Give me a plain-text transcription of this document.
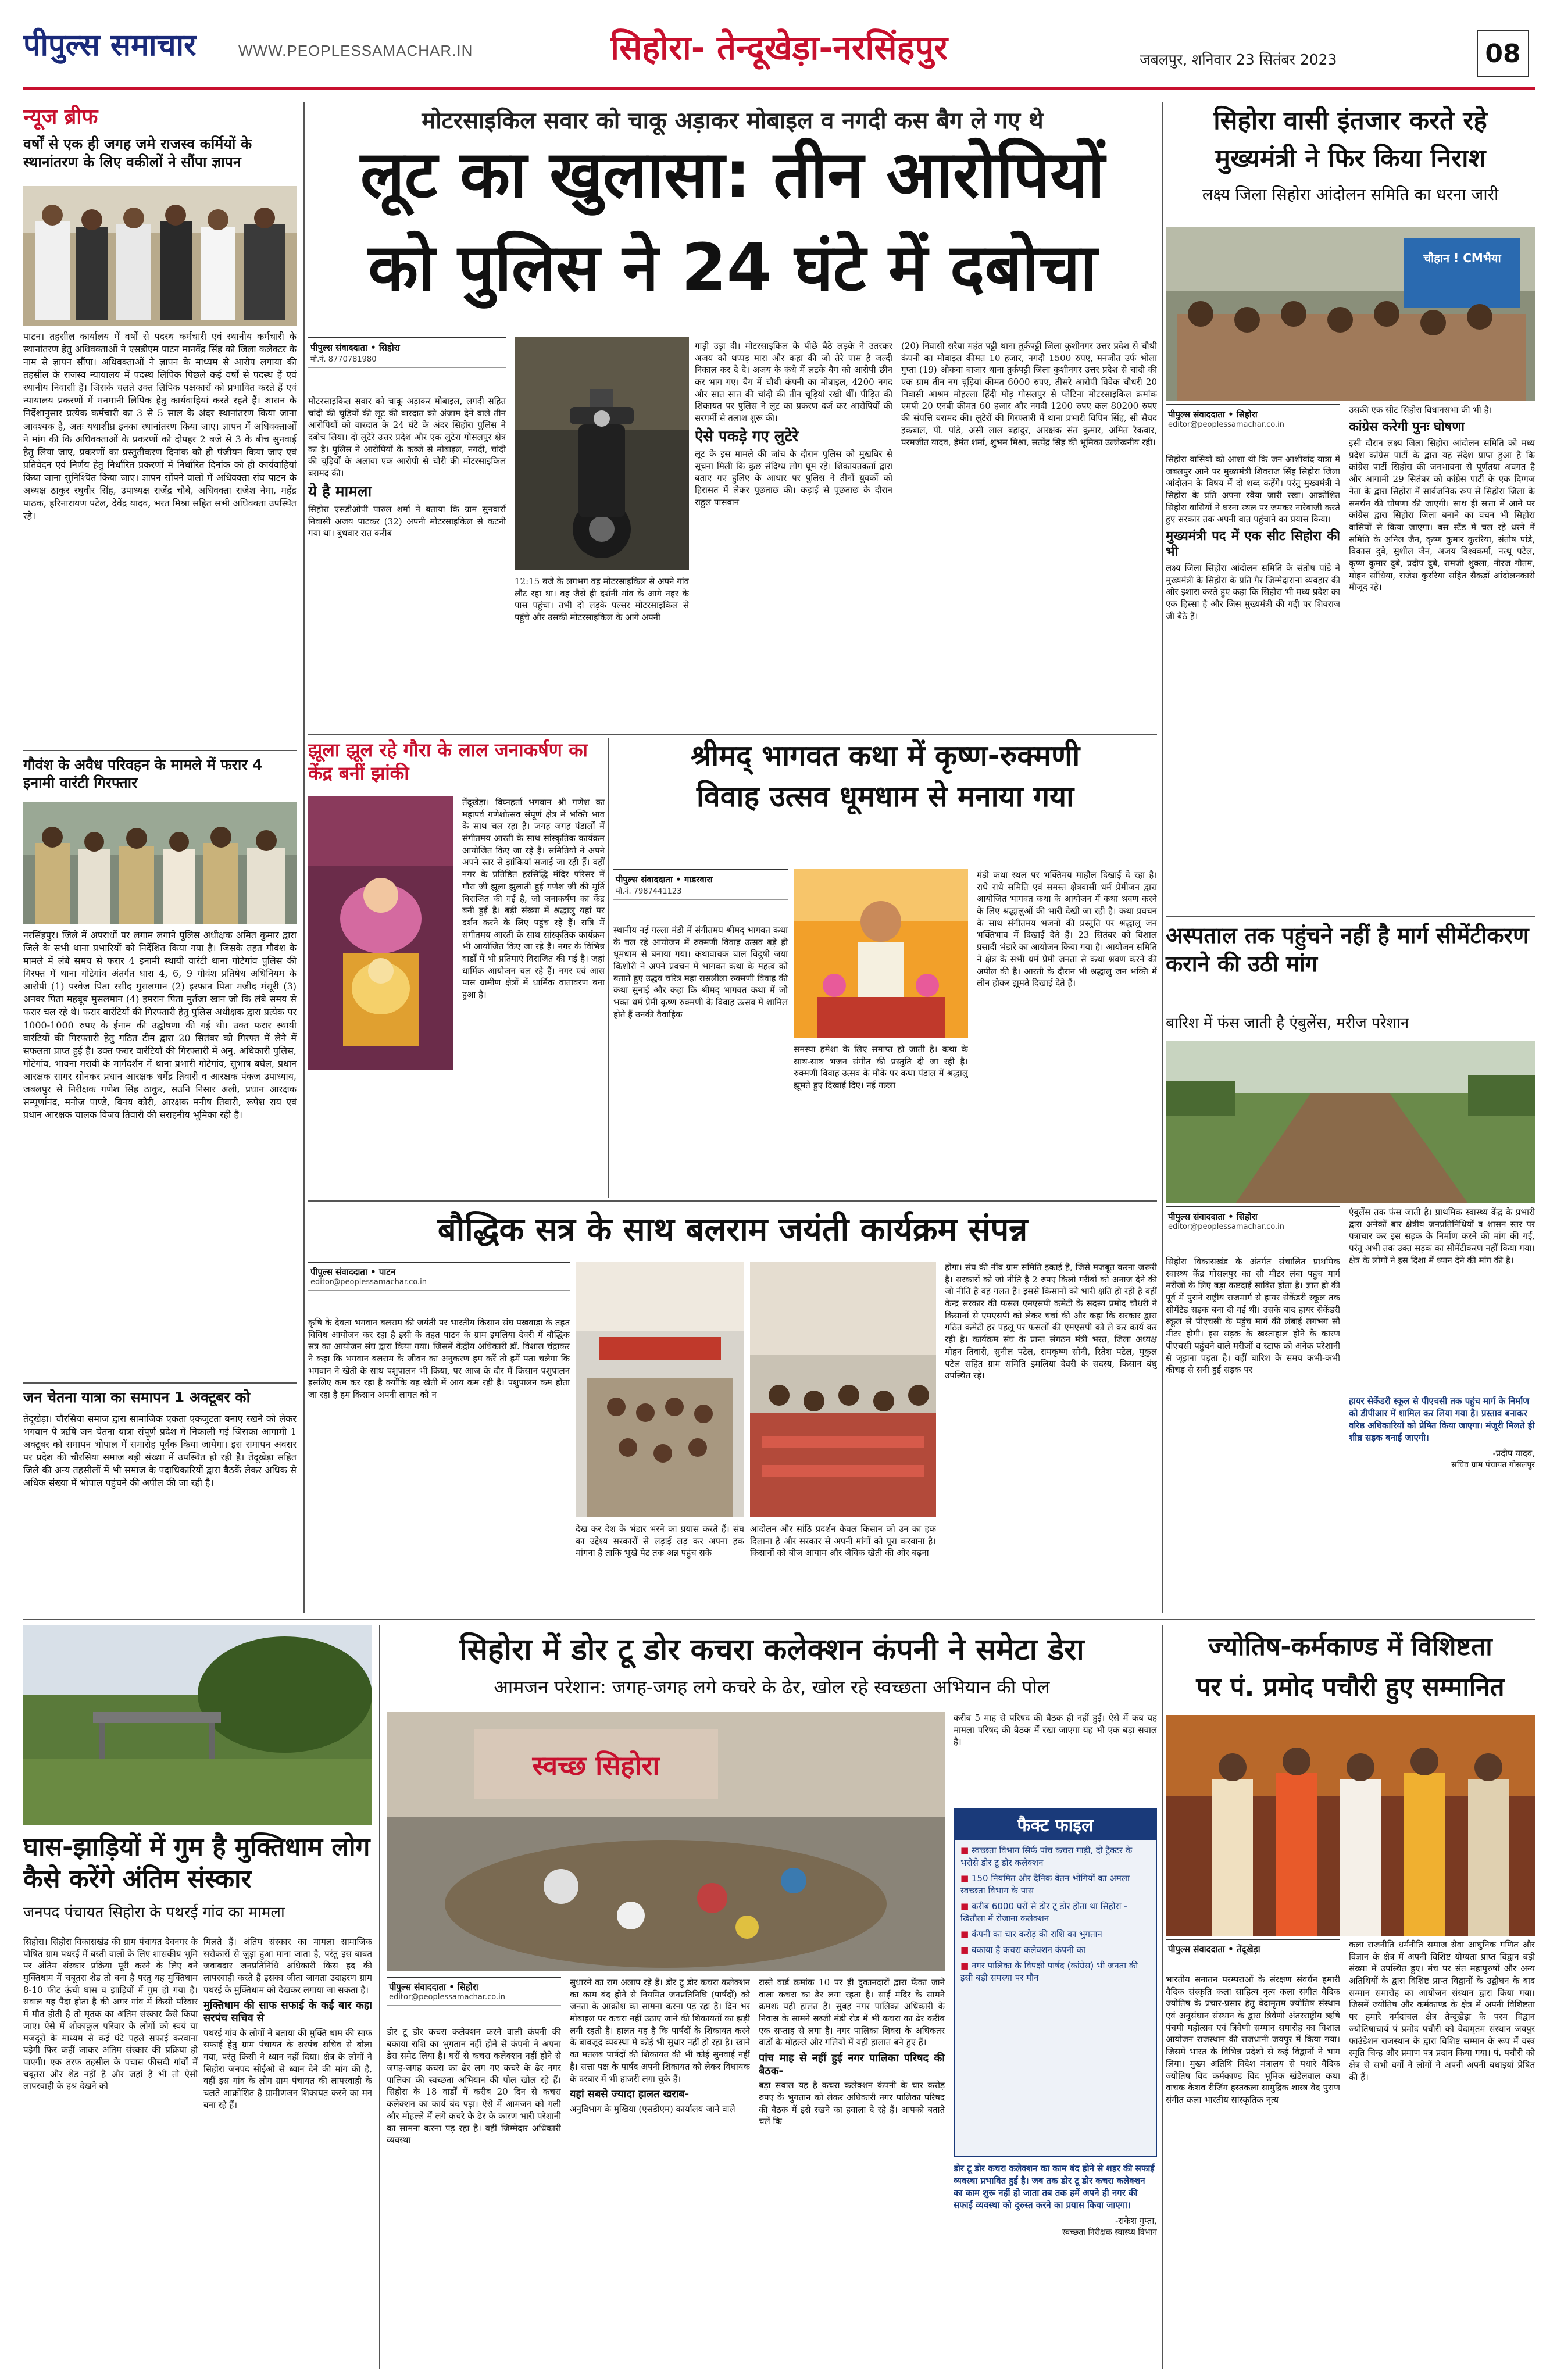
पीपुल्स समाचार	WWW.PEOPLESSAMACHAR.IN	सिहोरा- तेन्दूखेड़ा-नरसिंहपुर	जबलपुर, शनिवार 23 सितंबर 2023	08
न्यूज ब्रीफ
वर्षों से एक ही जगह जमे राजस्व कर्मियों के स्थानांतरण के लिए वकीलों ने सौंपा ज्ञापन
पाटन। तहसील कार्यालय में वर्षों से पदस्थ कर्मचारी एवं स्थानीय कर्मचारी के स्थानांतरण हेतु अधिवक्ताओं ने एसडीएम पाटन मानवेंद्र सिंह को जिला कलेक्टर के नाम से ज्ञापन सौंपा। अधिवक्ताओं ने ज्ञापन के माध्यम से आरोप लगाया की तहसील के राजस्व न्यायालय में पदस्थ लिपिक पिछले कई वर्षों से पदस्थ हैं एवं स्थानीय निवासी हैं। जिसके चलते उक्त लिपिक पक्षकारों को प्रभावित करते हैं एवं न्यायालय प्रकरणों में मनमानी लिपिक हेतु कार्यवाहियां करते रहते हैं। शासन के निर्देशानुसार प्रत्येक कर्मचारी का 3 से 5 साल के अंदर स्थानांतरण किया जाना आवश्यक है, अतः यथाशीघ्र इनका स्थानांतरण किया जाए। ज्ञापन में अधिवक्ताओं ने मांग की कि अधिवक्ताओं के प्रकरणों को दोपहर 2 बजे से 3 के बीच सुनवाई हेतु लिया जाए, प्रकरणों का प्रस्तुतीकरण दिनांक को ही पंजीयन किया जाए एवं प्रतिवेदन एवं निर्णय हेतु निर्धारित प्रकरणों में निर्धारित दिनांक को ही कार्यवाहियां किया जाना सुनिश्चित किया जाए। ज्ञापन सौंपने वालों में अधिवक्ता संघ पाटन के अध्यक्ष ठाकुर रघुवीर सिंह, उपाध्यक्ष राजेंद्र चौबे, अधिवक्ता राजेश नेमा, महेंद्र पाठक, हरिनारायण पटेल, देवेंद्र यादव, भरत मिश्रा सहित सभी अधिवक्ता उपस्थित रहे।
गौवंश के अवैध परिवहन के मामले में फरार 4 इनामी वारंटी गिरफ्तार
नरसिंहपुर। जिले में अपराधों पर लगाम लगाने पुलिस अधीक्षक अमित कुमार द्वारा जिले के सभी थाना प्रभारियों को निर्देशित किया गया है। जिसके तहत गौवंश के मामले में लंबे समय से फरार 4 इनामी स्थायी वारंटी थाना गोटेगांव पुलिस की गिरफ्त में थाना गोटेगांव अंतर्गत धारा 4, 6, 9 गौवंश प्रतिषेध अधिनियम के आरोपी (1) परवेज पिता रसीद मुसलमान (2) इरफान पिता मजीद मंसूरी (3) अनवर पिता महबूब मुसलमान (4) इमरान पिता मुर्तजा खान जो कि लंबे समय से फरार चल रहे थे। फरार वारंटियों की गिरफ्तारी हेतु पुलिस अधीक्षक द्वारा प्रत्येक पर 1000-1000 रुपए के ईनाम की उद्घोषणा की गई थी। उक्त फरार स्थायी वारंटियों की गिरफ्तारी हेतु गठित टीम द्वारा 20 सितंबर को गिरफ्त में लेने में सफलता प्राप्त हुई है। उक्त फरार वारंटियों की गिरफ्तारी में अनु. अधिकारी पुलिस, गोटेगांव, भावना मरावी के मार्गदर्शन में थाना प्रभारी गोटेगांव, सुभाष बघेल, प्रधान आरक्षक सागर सोनकर प्रधान आरक्षक धर्मेंद्र तिवारी व आरक्षक पंकज उपाध्याय, जबलपुर से निरीक्षक गणेश सिंह ठाकुर, सउनि निसार अली, प्रधान आरक्षक सम्पूर्णानंद, मनोज पाण्डे, विनय कोरी, आरक्षक मनीष तिवारी, रूपेश राय एवं प्रधान आरक्षक चालक विजय तिवारी की सराहनीय भूमिका रही है।
जन चेतना यात्रा का समापन 1 अक्टूबर को
तेंदूखेड़ा। चौरसिया समाज द्वारा सामाजिक एकता एकजुटता बनाए रखने को लेकर भगवान पै ऋषि जन चेतना यात्रा संपूर्ण प्रदेश में निकाली गई जिसका आगामी 1 अक्टूबर को समापन भोपाल में समारोह पूर्वक किया जायेगा। इस समापन अवसर पर प्रदेश की चौरसिया समाज बड़ी संख्या में उपस्थित हो रही है। तेंदूखेड़ा सहित जिले की अन्य तहसीलों में भी समाज के पदाधिकारियों द्वारा बैठकें लेकर अधिक से अधिक संख्या में भोपाल पहुंचने की अपील की जा रही है।
मोटरसाइकिल सवार को चाकू अड़ाकर मोबाइल व नगदी कस बैग ले गए थे
लूट का खुलासा: तीन आरोपियों
को पुलिस ने 24 घंटे में दबोचा
पीपुल्स संवाददाता • सिहोरा
मो.नं. 8770781980

मोटरसाइकिल सवार को चाकू अड़ाकर मोबाइल, लगदी सहित चांदी की चूड़ियों की लूट की वारदात को अंजाम देने वाले तीन आरोपियों को वारदात के 24 घंटे के अंदर सिहोरा पुलिस ने दबोच लिया। दो लुटेरे उत्तर प्रदेश और एक लुटेरा गोसलपुर क्षेत्र का है। पुलिस ने आरोपियों के कब्जे से मोबाइल, नगदी, चांदी की चूड़ियों के अलावा एक आरोपी से चोरी की मोटरसाइकिल बरामद की।

ये है मामला

सिहोरा एसडीओपी पारुल शर्मा ने बताया कि ग्राम सुनवार्रा निवासी अजय पाटकर (32) अपनी मोटरसाइकिल से कटनी गया था। बुधवार रात करीब

12:15 बजे के लगभग वह मोटरसाइकिल से अपने गांव लौट रहा था। वह जैसे ही दर्शनी गांव के आगे नहर के पास पहुंचा। तभी दो लड़के पल्सर मोटरसाइकिल से पहुंचे और उसकी मोटरसाइकिल के आगे अपनी

गाड़ी उड़ा दी। मोटरसाइकिल के पीछे बैठे लड़के ने उतरकर अजय को थप्पड़ मारा और कहा की जो तेरे पास है जल्दी निकाल कर दे दे। अजय के कंधे में लटके बैग को आरोपी छीन कर भाग गए। बैग में चौथी कंपनी का मोबाइल, 4200 नगद और सात सात की चांदी की तीन चूड़ियां रखी थीं। पीड़ित की शिकायत पर पुलिस ने लूट का प्रकरण दर्ज कर आरोपियों की सरगर्मी से तलाश शुरू की।

ऐसे पकड़े गए लुटेरे

लूट के इस मामले की जांच के दौरान पुलिस को मुखबिर से सूचना मिली कि कुछ संदिग्ध लोग घूम रहे। शिकायतकर्ता द्वारा बताए गए हुलिए के आधार पर पुलिस ने तीनों युवकों को हिरासत में लेकर पूछताछ की। कड़ाई से पूछताछ के दौरान राहुल पासवान

(20) निवासी सरैया महंत पट्टी थाना तुर्कपट्टी जिला कुशीनगर उत्तर प्रदेश से चौथी कंपनी का मोबाइल कीमत 10 हजार, नगदी 1500 रुपए, मनजीत उर्फ भोला गुप्ता (19) ओकवा बाजार थाना तुर्कपट्टी जिला कुशीनगर उत्तर प्रदेश से चांदी की एक ग्राम तीन नग चूड़ियां कीमत 6000 रुपए, तीसरे आरोपी विवेक चौधरी 20 निवासी आश्रम मोहल्ला हिंदी मोड़ गोसलपुर से प्लेटिना मोटरसाइकिल क्रमांक एमपी 20 एनबी कीमत 60 हजार और नगदी 1200 रुपए कल 80200 रुपए की संपत्ति बरामद की। लुटेरों की गिरफ्तारी में थाना प्रभारी विपिन सिंह, सी सैयद इकबाल, पी. पांडे, असी लाल बहादुर, आरक्षक संत कुमार, अमित रैकवार, परमजीत यादव, हेमंत शर्मा, शुभम मिश्रा, सत्येंद्र सिंह की भूमिका उल्लेखनीय रही।
झूला झूल रहे गौरा के लाल जनाकर्षण का केंद्र बनीं झांकी
तेंदूखेड़ा। विघ्नहर्ता भगवान श्री गणेश का महापर्व गणेशोत्सव संपूर्ण क्षेत्र में भक्ति भाव के साथ चल रहा है। जगह जगह पंडालों में संगीतमय आरती के साथ सांस्कृतिक कार्यक्रम आयोजित किए जा रहे हैं। समितियों ने अपने अपने स्तर से झांकियां सजाई जा रही हैं। वहीं नगर के प्रतिष्ठित हरसिद्धि मंदिर परिसर में गौरा जी झूला झुलाती हुई गणेश जी की मूर्ति बिराजित की गई है, जो जनाकर्षण का केंद्र बनी हुई है। बड़ी संख्या में श्रद्धालु यहां पर दर्शन करने के लिए पहुंच रहे हैं। रात्रि में संगीतमय आरती के साथ सांस्कृतिक कार्यक्रम भी आयोजित किए जा रहे हैं। नगर के विभिन्न वार्डों में भी प्रतिमाएं विराजित की गई है। जहां धार्मिक आयोजन चल रहे हैं। नगर एवं आस पास ग्रामीण क्षेत्रों में धार्मिक वातावरण बना हुआ है।
श्रीमद् भागवत कथा में कृष्ण-रुक्मणी
विवाह उत्सव धूमधाम से मनाया गया
पीपुल्स संवाददाता • गाडरवारा
मो.नं. 7987441123
स्थानीय नई गल्ला मंडी में संगीतमय श्रीमद् भागवत कथा के चल रहे आयोजन में रुक्मणी विवाह उत्सव बड़े ही धूमधाम से बनाया गया। कथावाचक बाल विदुषी जया किशोरी ने अपने प्रवचन में भागवत कथा के महत्व को बताते हुए उद्धव चरित्र महा रासलीला रुक्मणी विवाह की कथा सुनाई और कहा कि श्रीमद् भागवत कथा में जो भक्त धर्म प्रेमी कृष्ण रुक्मणी के विवाह उत्सव में शामिल होते हैं उनकी वैवाहिक
समस्या हमेशा के लिए समाप्त हो जाती है। कथा के साथ-साथ भजन संगीत की प्रस्तुति दी जा रही है। रुक्मणी विवाह उत्सव के मौके पर कथा पंडाल में श्रद्धालु झूमते हुए दिखाई दिए। नई गल्ला
मंडी कथा स्थल पर भक्तिमय माहौल दिखाई दे रहा है। राधे राधे समिति एवं समस्त क्षेत्रवासी धर्म प्रेमीजन द्वारा आयोजित भागवत कथा के आयोजन में कथा श्रवण करने के लिए श्रद्धालुओं की भारी देखी जा रही है। कथा प्रवचन के साथ संगीतमय भजनों की प्रस्तुति पर श्रद्धालु जन भक्तिभाव में दिखाई देते हैं। 23 सितंबर को विशाल प्रसादी भंडारे का आयोजन किया गया है। आयोजन समिति ने क्षेत्र के सभी धर्म प्रेमी जनता से कथा श्रवण करने की अपील की है। आरती के दौरान भी श्रद्धालु जन भक्ति में लीन होकर झूमते दिखाई देते हैं।
बौद्धिक सत्र के साथ बलराम जयंती कार्यक्रम संपन्न
पीपुल्स संवाददाता • पाटन
editor@peoplessamachar.co.in
कृषि के देवता भगवान बलराम की जयंती पर भारतीय किसान संघ पखवाड़ा के तहत विविध आयोजन कर रहा है इसी के तहत पाटन के ग्राम इमलिया देवरी में बौद्धिक सत्र का आयोजन संघ द्वारा किया गया। जिसमें केंद्रीय अधिकारी डॉ. विशाल चंद्राकर ने कहा कि भगवान बलराम के जीवन का अनुकरण हम करें तो हमें पता चलेगा कि भगवान ने खेती के साथ पशुपालन भी किया, पर आज के दौर में किसान पशुपालन इसलिए कम कर रहा है क्योंकि वह खेती में आय कम रही है। पशुपालन कम होता जा रहा है हम किसान अपनी लागत को न
देख कर देश के भंडार भरने का प्रयास करते हैं। संघ का उद्देश्य सरकारों से लड़ाई लड़ कर अपना हक मांगना है ताकि भूखे पेट तक अन्न पहुंच सके
आंदोलन और सांठि प्रदर्शन केवल किसान को उन का हक दिलाना है और सरकार से अपनी मांगों को पूरा करवाना है। किसानों को बीज आयाम और जैविक खेती की ओर बढ़ना
होगा। संघ की नींव ग्राम समिति इकाई है, जिसे मजबूत करना जरूरी है। सरकारों को जो नीति है 2 रुपए किलो गरीबों को अनाज देने की जो नीति है वह गलत है। इससे किसानों को भारी क्षति हो रही है वहीं केन्द्र सरकार की फसल एमएसपी कमेटी के सदस्य प्रमोद चौधरी ने किसानों से एमएसपी को लेकर चर्चा की और कहा कि सरकार द्वारा गठित कमेटी हर पहलू पर फसलों की एमएसपी को ले कर कार्य कर रही है। कार्यक्रम संघ के प्रान्त संगठन मंत्री भरत, जिला अध्यक्ष मोहन तिवारी, सुनील पटेल, रामकृष्ण सोनी, रितेश पटेल, मुकुल पटेल सहित ग्राम समिति इमलिया देवरी के सदस्य, किसान बंधु उपस्थित रहे।
सिहोरा वासी इंतजार करते रहे
मुख्यमंत्री ने फिर किया निराश
लक्ष्य जिला सिहोरा आंदोलन समिति का धरना जारी
चौहान ! CMभैया
पीपुल्स संवाददाता • सिहोरा
editor@peoplessamachar.co.in

सिहोरा वासियों को आशा थी कि जन आशीर्वाद यात्रा में जबलपुर आने पर मुख्यमंत्री शिवराज सिंह सिहोरा जिला आंदोलन के विषय में दो शब्द कहेंगे। परंतु मुख्यमंत्री ने सिहोरा के प्रति अपना रवैया जारी रखा। आक्रोशित सिहोरा वासियों ने धरना स्थल पर जमकर नारेबाजी करते हुए सरकार तक अपनी बात पहुंचाने का प्रयास किया।

मुख्यमंत्री पद में एक सीट सिहोरा की भी

लक्ष्य जिला सिहोरा आंदोलन समिति के संतोष पांडे ने मुख्यमंत्री के सिहोरा के प्रति गैर जिम्मेदाराना व्यवहार की ओर इशारा करते हुए कहा कि सिहोरा भी मध्य प्रदेश का एक हिस्सा है और जिस मुख्यमंत्री की गद्दी पर शिवराज जी बैठे हैं।

उसकी एक सीट सिहोरा विधानसभा की भी है।

कांग्रेस करेगी पुनः घोषणा

इसी दौरान लक्ष्य जिला सिहोरा आंदोलन समिति को मध्य प्रदेश कांग्रेस पार्टी के द्वारा यह संदेश प्राप्त हुआ है कि कांग्रेस पार्टी सिहोरा की जनभावना से पूर्णतया अवगत है और आगामी 29 सितंबर को कांग्रेस पार्टी के एक दिग्गज नेता के द्वारा सिहोरा में सार्वजनिक रूप से सिहोरा जिला के समर्थन की घोषणा की जाएगी। साथ ही सत्ता में आने पर कांग्रेस द्वारा सिहोरा जिला बनाने का वचन भी सिहोरा वासियों से किया जाएगा। बस स्टैंड में चल रहे धरने में समिति के अनिल जैन, कृष्ण कुमार कुररिया, संतोष पांडे, विकास दुबे, सुशील जैन, अजय विश्वकर्मा, नत्थू पटेल, कृष्ण कुमार दुबे, प्रदीप दुबे, रामजी शुक्ला, नीरज गौतम, मोहन सोंधिया, राजेश कुररिया सहित सैकड़ों आंदोलनकारी मौजूद रहे।

अस्पताल तक पहुंचने नहीं है मार्ग सीमेंटीकरण कराने की उठी मांग
बारिश में फंस जाती है एंबुलेंस, मरीज परेशान
पीपुल्स संवाददाता • सिहोरा
editor@peoplessamachar.co.in
सिहोरा विकासखंड के अंतर्गत संचालित प्राथमिक स्वास्थ्य केंद्र गोसलपुर का सौ मीटर लंबा पहुंच मार्ग मरीजों के लिए बड़ा कष्टदाई साबित होता है। ज्ञात हो की पूर्व में पुराने राष्ट्रीय राजमार्ग से हायर सेकेंडरी स्कूल तक सीमेंटेड सड़क बना दी गई थी। उसके बाद हायर सेकेंडरी स्कूल से पीएचसी के पहुंच मार्ग की लंबाई लगभग सौ मीटर होगी। इस सड़क के खस्ताहाल होने के कारण पीएचसी पहुंचने वाले मरीजों व स्टाफ को अनेक परेशानी से जूझना पड़ता है। वहीं बारिश के समय कभी-कभी कीचड़ से सनी हुई सड़क पर
एंबुलेंस तक फंस जाती है। प्राथमिक स्वास्थ्य केंद्र के प्रभारी द्वारा अनेकों बार क्षेत्रीय जनप्रतिनिधियों व शासन स्तर पर पत्राचार कर इस सड़क के निर्माण करने की मांग की गई, परंतु अभी तक उक्त सड़क का सीमेंटीकरण नहीं किया गया। क्षेत्र के लोगों ने इस दिशा में ध्यान देने की मांग की है।
हायर सेकेंडरी स्कूल से पीएचसी तक पहुंच मार्ग के निर्माण को डीपीआर में शामिल कर लिया गया है। प्रस्ताव बनाकर वरिष्ठ अधिकारियों को प्रेषित किया जाएगा। मंजूरी मिलते ही शीघ्र सड़क बनाई जाएगी।
-प्रदीप यादव,
सचिव ग्राम पंचायत गोसलपुर
घास-झाड़ियों में गुम है मुक्तिधाम लोग कैसे करेंगे अंतिम संस्कार
जनपद पंचायत सिहोरा के पथरई गांव का मामला
सिहोरा। सिहोरा विकासखंड की ग्राम पंचायत देवनगर के पोषित ग्राम पथरई में बस्ती वालों के लिए शासकीय भूमि पर अंतिम संस्कार प्रक्रिया पूरी करने के लिए बने मुक्तिधाम में चबूतरा शेड तो बना है परंतु यह मुक्तिधाम 8-10 फीट ऊंची घास व झाड़ियों में गुम हो गया है। सवाल यह पैदा होता है की अगर गांव में किसी परिवार में मौत होती है तो मृतक का अंतिम संस्कार कैसे किया जाए। ऐसे में शोकाकुल परिवार के लोगों को स्वयं या मजदूरों के माध्यम से कई घंटे पहले सफाई करवाना पड़ेगी फिर कहीं जाकर अंतिम संस्कार की प्रक्रिया हो पाएगी। एक तरफ तहसील के पचास फीसदी गांवों में चबूतरा और शेड नहीं है और जहां है भी तो ऐसी लापरवाही के हश्र देखने को

मिलते हैं। अंतिम संस्कार का मामला सामाजिक सरोकारों से जुड़ा हुआ माना जाता है, परंतु इस बाबत जवाबदार जनप्रतिनिधि अधिकारी किस हद की लापरवाही करते हैं इसका जीता जागता उदाहरण ग्राम पथरई के मुक्तिधाम को देखकर लगाया जा सकता है।

मुक्तिधाम की साफ सफाई के कई बार कहा सरपंच सचिव से

पथरई गांव के लोगों ने बताया की मुक्ति धाम की साफ सफाई हेतु ग्राम पंचायत के सरपंच सचिव से बोला गया, परंतु किसी ने ध्यान नहीं दिया। क्षेत्र के लोगों ने सिहोरा जनपद सीईओ से ध्यान देने की मांग की है, वहीं इस गांव के लोग ग्राम पंचायत की लापरवाही के चलते आक्रोशित है ग्रामीणजन शिकायत करने का मन बना रहे हैं।

सिहोरा में डोर टू डोर कचरा कलेक्शन कंपनी ने समेटा डेरा
आमजन परेशान: जगह-जगह लगे कचरे के ढेर, खोल रहे स्वच्छता अभियान की पोल
स्वच्छ सिहोरा
करीब 5 माह से परिषद की बैठक ही नहीं हुई। ऐसे में कब यह मामला परिषद की बैठक में रखा जाएगा यह भी एक बड़ा सवाल है।
फैक्ट फाइल
■ स्वच्छता विभाग सिर्फ पांच कचरा गाड़ी, दो ट्रैक्टर के भरोसे डोर टू डोर कलेक्शन
■ 150 नियमित और दैनिक वेतन भोगियों का अमला स्वच्छता विभाग के पास
■ करीब 6000 घरों से डोर टू डोर होता था सिहोरा - खितौला में रोजाना कलेक्शन
■ कंपनी का चार करोड़ की राशि का भुगतान
■ बकाया है कचरा कलेक्शन कंपनी का
■ नगर पालिका के विपक्षी पार्षद (कांग्रेस) भी जनता की इसी बड़ी समस्या पर मौन
डोर टू डोर कचरा कलेक्शन का काम बंद होने से शहर की सफाई व्यवस्था प्रभावित हुई है। जब तक डोर टू डोर कचरा कलेक्शन का काम शुरू नहीं हो जाता तब तक हमें अपने ही नगर की सफाई व्यवस्था को दुरुस्त करने का प्रयास किया जाएगा।
-राकेश गुप्ता,
स्वच्छता निरीक्षक स्वास्थ्य विभाग
पीपुल्स संवाददाता • सिहोरा
editor@peoplessamachar.co.in
डोर टू डोर कचरा कलेक्शन करने वाली कंपनी की बकाया राशि का भुगतान नहीं होने से कंपनी ने अपना डेरा समेट लिया है। घरों से कचरा कलेक्शन नहीं होने से जगह-जगह कचरा का ढेर लग गए कचरे के ढेर नगर पालिका की स्वच्छता अभियान की पोल खोल रहे हैं। सिहोरा के 18 वार्डों में करीब 20 दिन से कचरा कलेक्शन का कार्य बंद पड़ा। ऐसे में आमजन को गली और मोहल्ले में लगे कचरे के ढेर के कारण भारी परेशानी का सामना करना पड़ रहा है। वहीं जिम्मेदार अधिकारी व्यवस्था

सुधारने का राग अलाप रहे हैं। डोर टू डोर कचरा कलेक्शन का काम बंद होने से नियमित जनप्रतिनिधि (पार्षदों) को जनता के आक्रोश का सामना करना पड़ रहा है। दिन भर मोबाइल पर कचरा नहीं उठाए जाने की शिकायतों का झड़ी लगी रहती है। हालत यह है कि पार्षदों के शिकायत करने के बावजूद व्यवस्था में कोई भी सुधार नहीं हो रहा है। खाने का मतलब पार्षदों की शिकायत की भी कोई सुनवाई नहीं है। सत्ता पक्ष के पार्षद अपनी शिकायत को लेकर विधायक के दरबार में भी हाजरी लगा चुके हैं।

यहां सबसे ज्यादा हालत खराब-

अनुविभाग के मुखिया (एसडीएम) कार्यालय जाने वाले

रास्ते वार्ड क्रमांक 10 पर ही दुकानदारों द्वारा फेंका जाने वाला कचरा का ढेर लगा रहता है। साईं मंदिर के सामने क्रमशः यही हालत है। सुबह नगर पालिका अधिकारी के निवास के सामने सब्जी मंडी रोड में भी कचरा का ढेर करीब एक सप्ताह से लगा है। नगर पालिका शिवरा के अधिकतर वार्डों के मोहल्ले और गलियों में यही हालात बने हुए हैं।

पांच माह से नहीं हुई नगर पालिका परिषद की बैठक-

बड़ा सवाल यह है कचरा कलेक्शन कंपनी के चार करोड़ रुपए के भुगतान को लेकर अधिकारी नगर पालिका परिषद की बैठक में इसे रखने का हवाला दे रहे हैं। आपको बताते चलें कि

ज्योतिष-कर्मकाण्ड में विशिष्टता
पर पं. प्रमोद पचौरी हुए सम्मानित
पीपुल्स संवाददाता • तेंदूखेड़ा
भारतीय सनातन परम्पराओं के संरक्षण संवर्धन हमारी वैदिक संस्कृति कला साहित्य नृत्य कला संगीत वैदिक ज्योतिष के प्रचार-प्रसार हेतु वेदामृतम ज्योतिष संस्थान एवं अनुसंधान संस्थान के द्वारा त्रिवेणी अंतरराष्ट्रीय ऋषि पंचमी महोत्सव एवं त्रिवेणी सम्मान समारोह का विशाल आयोजन राजस्थान की राजधानी जयपुर में किया गया। जिसमें भारत के विभिन्न प्रदेशों से कई विद्वानों ने भाग लिया। मुख्य अतिथि विदेश मंत्रालय से पधारे वैदिक ज्योतिष विद कर्मकाण्ड विद भूमिक खंडेलवाल कथा वाचक केशव रीजिंग हस्तकला सामुद्रिक शास्त्र वेद पुराण संगीत कला भारतीय सांस्कृतिक नृत्य
कला राजनीति धर्मनीति समाज सेवा आधुनिक गणित और विज्ञान के क्षेत्र में अपनी विशिष्ट योग्यता प्राप्त विद्वान बड़ी संख्या में उपस्थित हुए। मंच पर संत महापुरुषों और अन्य अतिथियों के द्वारा विशिष्ट प्राप्त विद्वानों के उद्बोधन के बाद सम्मान समारोह का आयोजन संस्थान द्वारा किया गया। जिसमें ज्योतिष और कर्मकाण्ड के क्षेत्र में अपनी विशिष्टता पर हमारे नर्मदांचल क्षेत्र तेन्दूखेड़ा के परम विद्वान ज्योतिषाचार्य पं प्रमोद पचौरी को वेदामृतम संस्थान जयपुर फाउंडेशन राजस्थान के द्वारा विशिष्ट सम्मान के रूप में वस्त्र स्मृति चिन्ह और प्रमाण पत्र प्रदान किया गया। पं. पचौरी को क्षेत्र से सभी वर्गों ने लोगों ने अपनी अपनी बधाइयां प्रेषित की हैं।
